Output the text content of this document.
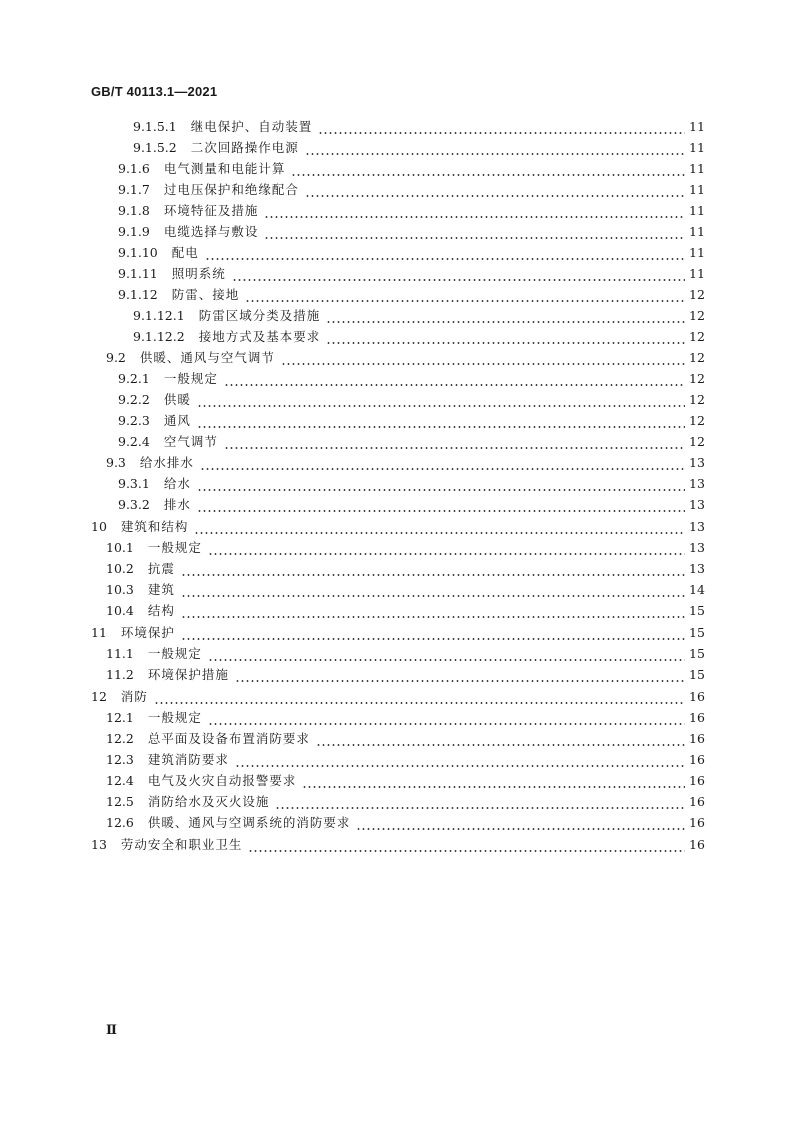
GB/T 40113.1—2021
9.1.5.1 继电保护、自动装置	11
9.1.5.2 二次回路操作电源	11
9.1.6 电气测量和电能计算	11
9.1.7 过电压保护和绝缘配合	11
9.1.8 环境特征及措施	11
9.1.9 电缆选择与敷设	11
9.1.10 配电	11
9.1.11 照明系统	11
9.1.12 防雷、接地	12
9.1.12.1 防雷区域分类及措施	12
9.1.12.2 接地方式及基本要求	12
9.2 供暖、通风与空气调节	12
9.2.1 一般规定	12
9.2.2 供暖	12
9.2.3 通风	12
9.2.4 空气调节	12
9.3 给水排水	13
9.3.1 给水	13
9.3.2 排水	13
10 建筑和结构	13
10.1 一般规定	13
10.2 抗震	13
10.3 建筑	14
10.4 结构	15
11 环境保护	15
11.1 一般规定	15
11.2 环境保护措施	15
12 消防	16
12.1 一般规定	16
12.2 总平面及设备布置消防要求	16
12.3 建筑消防要求	16
12.4 电气及火灾自动报警要求	16
12.5 消防给水及灭火设施	16
12.6 供暖、通风与空调系统的消防要求	16
13 劳动安全和职业卫生	16
Ⅱ
